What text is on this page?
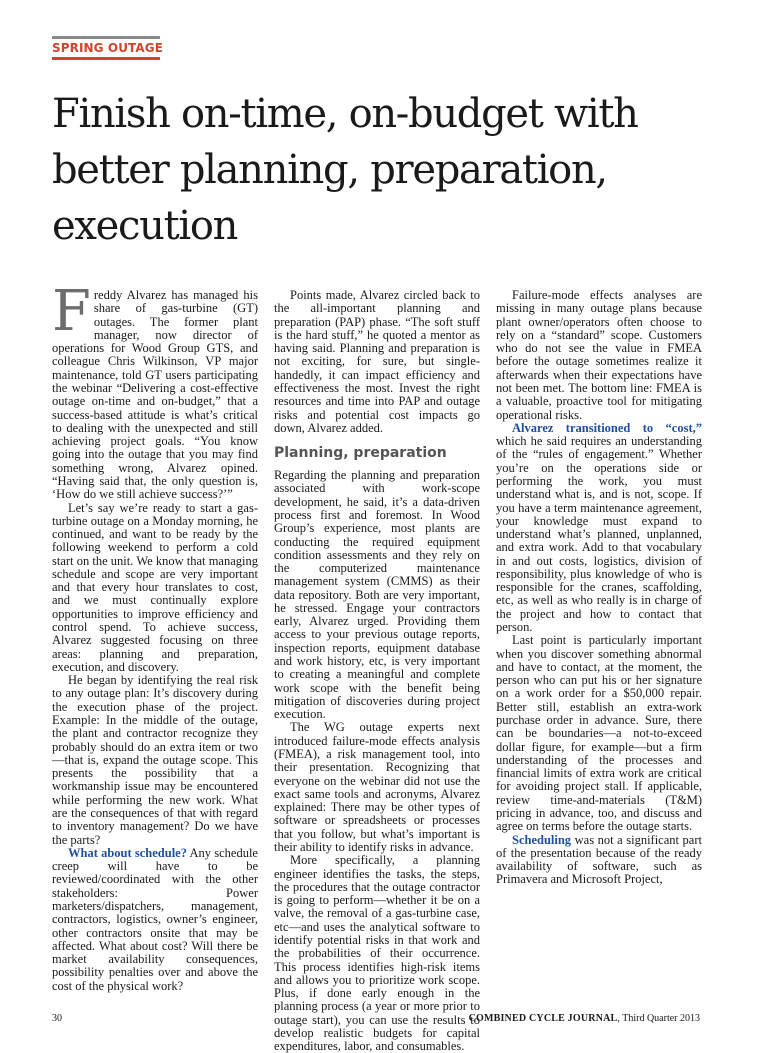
SPRING OUTAGE
Finish on-time, on-budget with better planning, preparation, execution

Freddy Alvarez has managed his share of gas-turbine (GT) outages. The former plant manager, now director of operations for Wood Group GTS, and colleague Chris Wilkinson, VP major maintenance, told GT users participating the webinar “Delivering a cost-effective outage on-time and on-budget,” that a success-based attitude is what’s critical to dealing with the unexpected and still achieving project goals. “You know going into the outage that you may find something wrong, Alvarez opined. “Having said that, the only question is, ‘How do we still achieve success?’”

Let’s say we’re ready to start a gas-turbine outage on a Monday morning, he continued, and want to be ready by the following weekend to perform a cold start on the unit. We know that managing schedule and scope are very important and that every hour translates to cost, and we must continually explore opportunities to improve efficiency and control spend. To achieve success, Alvarez suggested focusing on three areas: planning and preparation, execution, and discovery.

He began by identifying the real risk to any outage plan: It’s discovery during the execution phase of the project. Example: In the middle of the outage, the plant and contractor recognize they probably should do an extra item or two—that is, expand the outage scope. This presents the possibility that a workmanship issue may be encountered while performing the new work. What are the consequences of that with regard to inventory management? Do we have the parts?

What about schedule? Any schedule creep will have to be reviewed/coordinated with the other stakeholders: Power marketers/dispatchers, management, contractors, logistics, owner’s engineer, other contractors onsite that may be affected. What about cost? Will there be market availability consequences, possibility penalties over and above the cost of the physical work?

Points made, Alvarez circled back to the all-important planning and preparation (PAP) phase. “The soft stuff is the hard stuff,” he quoted a mentor as having said. Planning and preparation is not exciting, for sure, but single-handedly, it can impact efficiency and effectiveness the most. Invest the right resources and time into PAP and outage risks and potential cost impacts go down, Alvarez added.

Planning, preparation

Regarding the planning and preparation associated with work-scope development, he said, it’s a data-driven process first and foremost. In Wood Group’s experience, most plants are conducting the required equipment condition assessments and they rely on the computerized maintenance management system (CMMS) as their data repository. Both are very important, he stressed. Engage your contractors early, Alvarez urged. Providing them access to your previous outage reports, inspection reports, equipment database and work history, etc, is very important to creating a meaningful and complete work scope with the benefit being mitigation of discoveries during project execution.

The WG outage experts next introduced failure-mode effects analysis (FMEA), a risk management tool, into their presentation. Recognizing that everyone on the webinar did not use the exact same tools and acronyms, Alvarez explained: There may be other types of software or spreadsheets or processes that you follow, but what’s important is their ability to identify risks in advance.

More specifically, a planning engineer identifies the tasks, the steps, the procedures that the outage contractor is going to perform—whether it be on a valve, the removal of a gas-turbine case, etc—and uses the analytical software to identify potential risks in that work and the probabilities of their occurrence. This process identifies high-risk items and allows you to prioritize work scope. Plus, if done early enough in the planning process (a year or more prior to outage start), you can use the results to develop realistic budgets for capital expenditures, labor, and consumables.

Failure-mode effects analyses are missing in many outage plans because plant owner/operators often choose to rely on a “standard” scope. Customers who do not see the value in FMEA before the outage sometimes realize it afterwards when their expectations have not been met. The bottom line: FMEA is a valuable, proactive tool for mitigating operational risks.

Alvarez transitioned to “cost,” which he said requires an understanding of the “rules of engagement.” Whether you’re on the operations side or performing the work, you must understand what is, and is not, scope. If you have a term maintenance agreement, your knowledge must expand to understand what’s planned, unplanned, and extra work. Add to that vocabulary in and out costs, logistics, division of responsibility, plus knowledge of who is responsible for the cranes, scaffolding, etc, as well as who really is in charge of the project and how to contact that person.

Last point is particularly important when you discover something abnormal and have to contact, at the moment, the person who can put his or her signature on a work order for a $50,000 repair. Better still, establish an extra-work purchase order in advance. Sure, there can be boundaries—a not-to-exceed dollar figure, for example—but a firm understanding of the processes and financial limits of extra work are critical for avoiding project stall. If applicable, review time-and-materials (T&M) pricing in advance, too, and discuss and agree on terms before the outage starts.

Scheduling was not a significant part of the presentation because of the ready availability of software, such as Primavera and Microsoft Project,

30	COMBINED CYCLE JOURNAL, Third Quarter 2013
